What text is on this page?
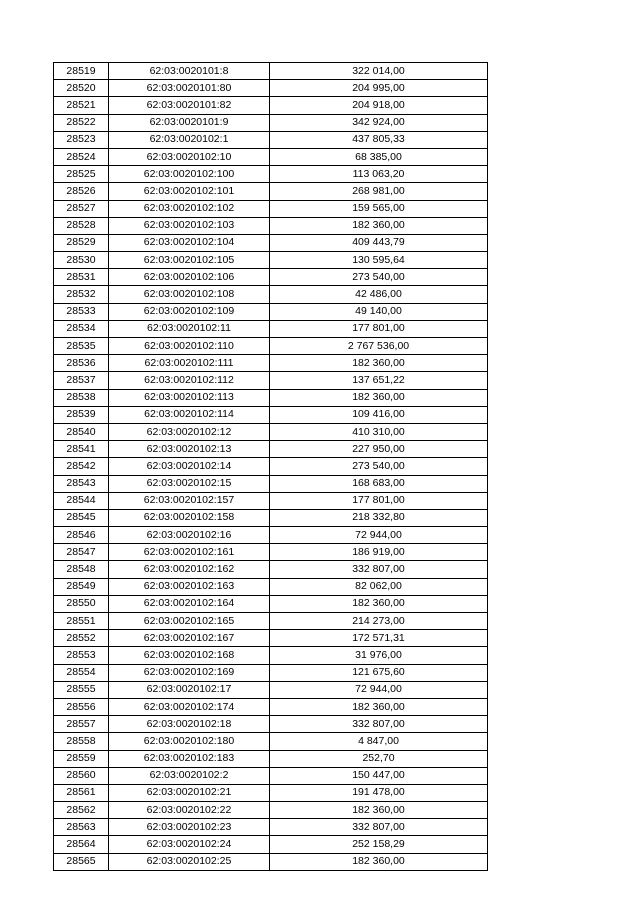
28519	62:03:0020101:8	322 014,00
28520	62:03:0020101:80	204 995,00
28521	62:03:0020101:82	204 918,00
28522	62:03:0020101:9	342 924,00
28523	62:03:0020102:1	437 805,33
28524	62:03:0020102:10	68 385,00
28525	62:03:0020102:100	113 063,20
28526	62:03:0020102:101	268 981,00
28527	62:03:0020102:102	159 565,00
28528	62:03:0020102:103	182 360,00
28529	62:03:0020102:104	409 443,79
28530	62:03:0020102:105	130 595,64
28531	62:03:0020102:106	273 540,00
28532	62:03:0020102:108	42 486,00
28533	62:03:0020102:109	49 140,00
28534	62:03:0020102:11	177 801,00
28535	62:03:0020102:110	2 767 536,00
28536	62:03:0020102:111	182 360,00
28537	62:03:0020102:112	137 651,22
28538	62:03:0020102:113	182 360,00
28539	62:03:0020102:114	109 416,00
28540	62:03:0020102:12	410 310,00
28541	62:03:0020102:13	227 950,00
28542	62:03:0020102:14	273 540,00
28543	62:03:0020102:15	168 683,00
28544	62:03:0020102:157	177 801,00
28545	62:03:0020102:158	218 332,80
28546	62:03:0020102:16	72 944,00
28547	62:03:0020102:161	186 919,00
28548	62:03:0020102:162	332 807,00
28549	62:03:0020102:163	82 062,00
28550	62:03:0020102:164	182 360,00
28551	62:03:0020102:165	214 273,00
28552	62:03:0020102:167	172 571,31
28553	62:03:0020102:168	31 976,00
28554	62:03:0020102:169	121 675,60
28555	62:03:0020102:17	72 944,00
28556	62:03:0020102:174	182 360,00
28557	62:03:0020102:18	332 807,00
28558	62:03:0020102:180	4 847,00
28559	62:03:0020102:183	252,70
28560	62:03:0020102:2	150 447,00
28561	62:03:0020102:21	191 478,00
28562	62:03:0020102:22	182 360,00
28563	62:03:0020102:23	332 807,00
28564	62:03:0020102:24	252 158,29
28565	62:03:0020102:25	182 360,00
